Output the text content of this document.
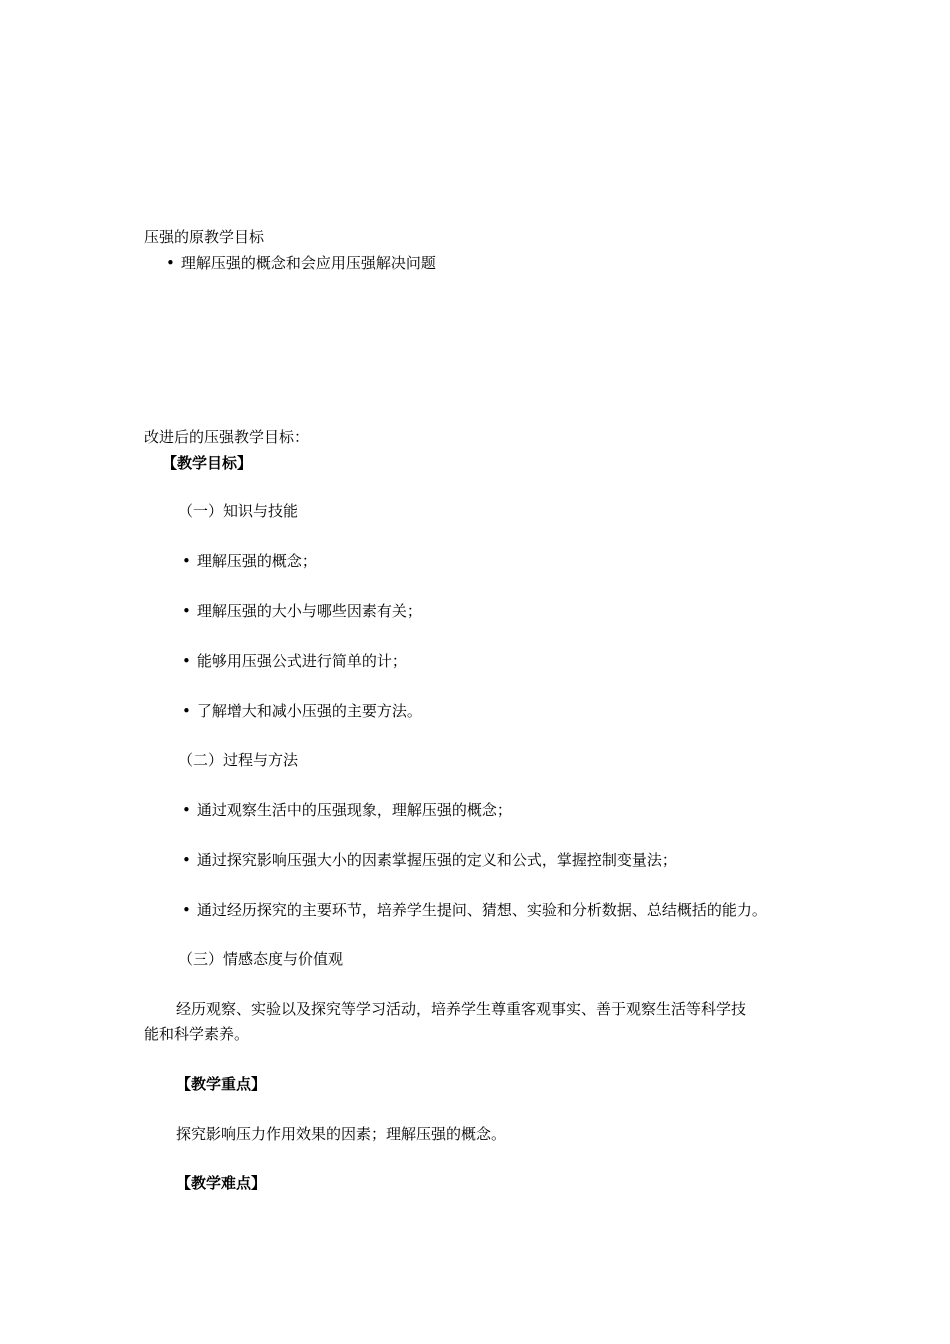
压强的原教学目标
• 理解压强的概念和会应用压强解决问题
改进后的压强教学目标：
【教学目标】
（一）知识与技能
• 理解压强的概念；
• 理解压强的大小与哪些因素有关；
• 能够用压强公式进行简单的计；
• 了解增大和减小压强的主要方法。
（二）过程与方法
• 通过观察生活中的压强现象，理解压强的概念；
• 通过探究影响压强大小的因素掌握压强的定义和公式，掌握控制变量法；
• 通过经历探究的主要环节，培养学生提问、猜想、实验和分析数据、总结概括的能力。
（三）情感态度与价值观
经历观察、实验以及探究等学习活动，培养学生尊重客观事实、善于观察生活等科学技
能和科学素养。
【教学重点】
探究影响压力作用效果的因素；理解压强的概念。
【教学难点】
